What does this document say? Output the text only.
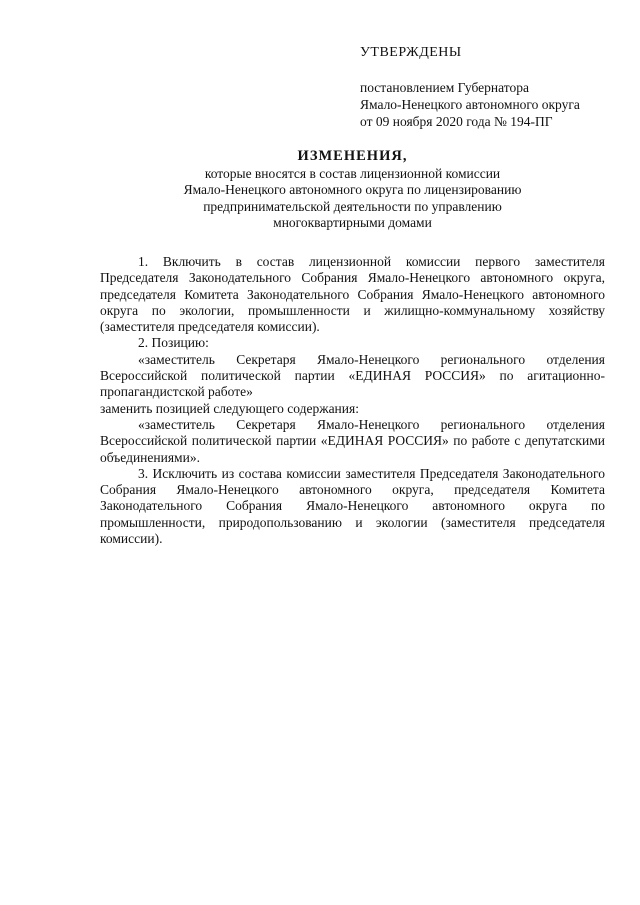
УТВЕРЖДЕНЫ
постановлением Губернатора
Ямало-Ненецкого автономного округа
от 09 ноября 2020 года № 194-ПГ
ИЗМЕНЕНИЯ,
которые вносятся в состав лицензионной комиссии
Ямало-Ненецкого автономного округа по лицензированию
предпринимательской деятельности по управлению
многоквартирными домами

1. Включить в состав лицензионной комиссии первого заместителя Председателя Законодательного Собрания Ямало-Ненецкого автономного округа, председателя Комитета Законодательного Собрания Ямало-Ненецкого автономного округа по экологии, промышленности и жилищно-коммунальному хозяйству (заместителя председателя комиссии).

2. Позицию:

«заместитель Секретаря Ямало-Ненецкого регионального отделения Всероссийской политической партии «ЕДИНАЯ РОССИЯ» по агитационно-пропагандистской работе»

заменить позицией следующего содержания:

«заместитель Секретаря Ямало-Ненецкого регионального отделения Всероссийской политической партии «ЕДИНАЯ РОССИЯ» по работе с депутатскими объединениями».

3. Исключить из состава комиссии заместителя Председателя Законодательного Собрания Ямало-Ненецкого автономного округа, председателя Комитета Законодательного Собрания Ямало-Ненецкого автономного округа по промышленности, природопользованию и экологии (заместителя председателя комиссии).
